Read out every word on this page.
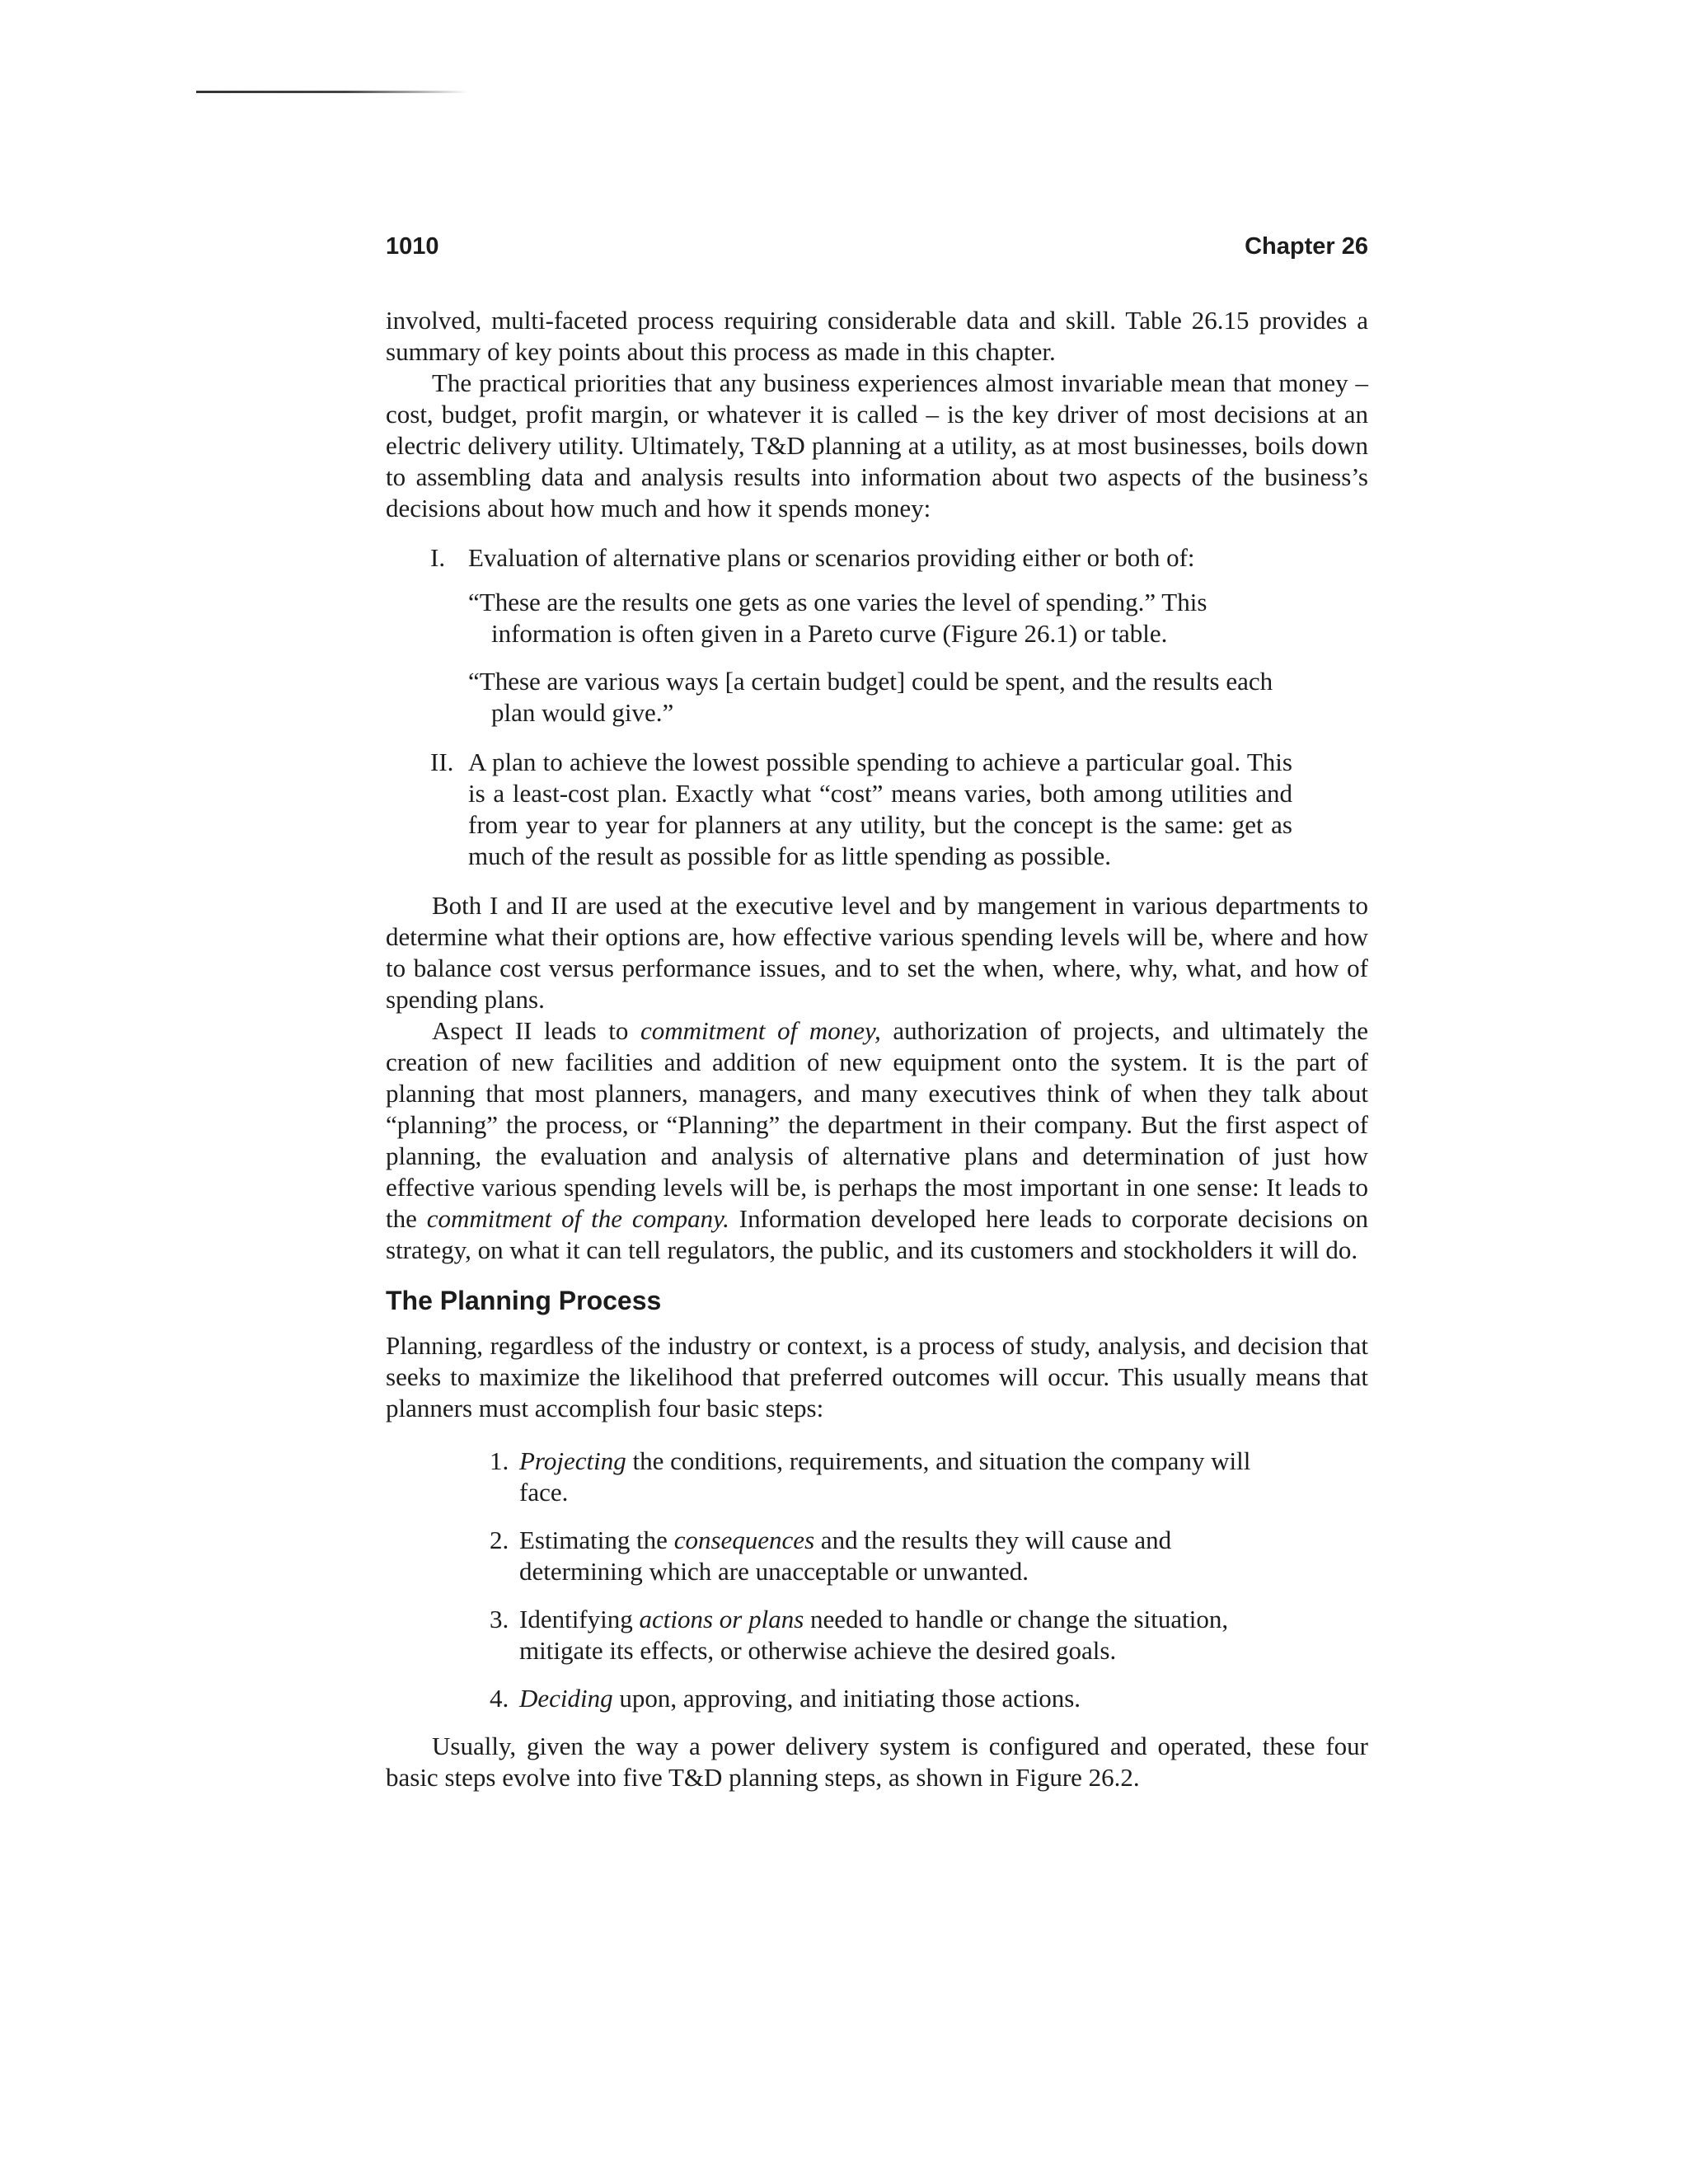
1010	Chapter 26

involved, multi-faceted process requiring considerable data and skill. Table 26.15 provides a summary of key points about this process as made in this chapter.

The practical priorities that any business experiences almost invariable mean that money – cost, budget, profit margin, or whatever it is called – is the key driver of most decisions at an electric delivery utility. Ultimately, T&D planning at a utility, as at most businesses, boils down to assembling data and analysis results into information about two aspects of the business’s decisions about how much and how it spends money:

I. Evaluation of alternative plans or scenarios providing either or both of:

“These are the results one gets as one varies the level of spending.” This information is often given in a Pareto curve (Figure 26.1) or table.

“These are various ways [a certain budget] could be spent, and the results each plan would give.”

II. A plan to achieve the lowest possible spending to achieve a particular goal. This is a least-cost plan. Exactly what “cost” means varies, both among utilities and from year to year for planners at any utility, but the concept is the same: get as much of the result as possible for as little spending as possible.

Both I and II are used at the executive level and by mangement in various departments to determine what their options are, how effective various spending levels will be, where and how to balance cost versus performance issues, and to set the when, where, why, what, and how of spending plans.

Aspect II leads to commitment of money, authorization of projects, and ultimately the creation of new facilities and addition of new equipment onto the system. It is the part of planning that most planners, managers, and many executives think of when they talk about “planning” the process, or “Planning” the department in their company. But the first aspect of planning, the evaluation and analysis of alternative plans and determination of just how effective various spending levels will be, is perhaps the most important in one sense: It leads to the commitment of the company. Information developed here leads to corporate decisions on strategy, on what it can tell regulators, the public, and its customers and stockholders it will do.

The Planning Process

Planning, regardless of the industry or context, is a process of study, analysis, and decision that seeks to maximize the likelihood that preferred outcomes will occur. This usually means that planners must accomplish four basic steps:

1. Projecting the conditions, requirements, and situation the company will face.
2. Estimating the consequences and the results they will cause and determining which are unacceptable or unwanted.
3. Identifying actions or plans needed to handle or change the situation, mitigate its effects, or otherwise achieve the desired goals.
4. Deciding upon, approving, and initiating those actions.

Usually, given the way a power delivery system is configured and operated, these four basic steps evolve into five T&D planning steps, as shown in Figure 26.2.
